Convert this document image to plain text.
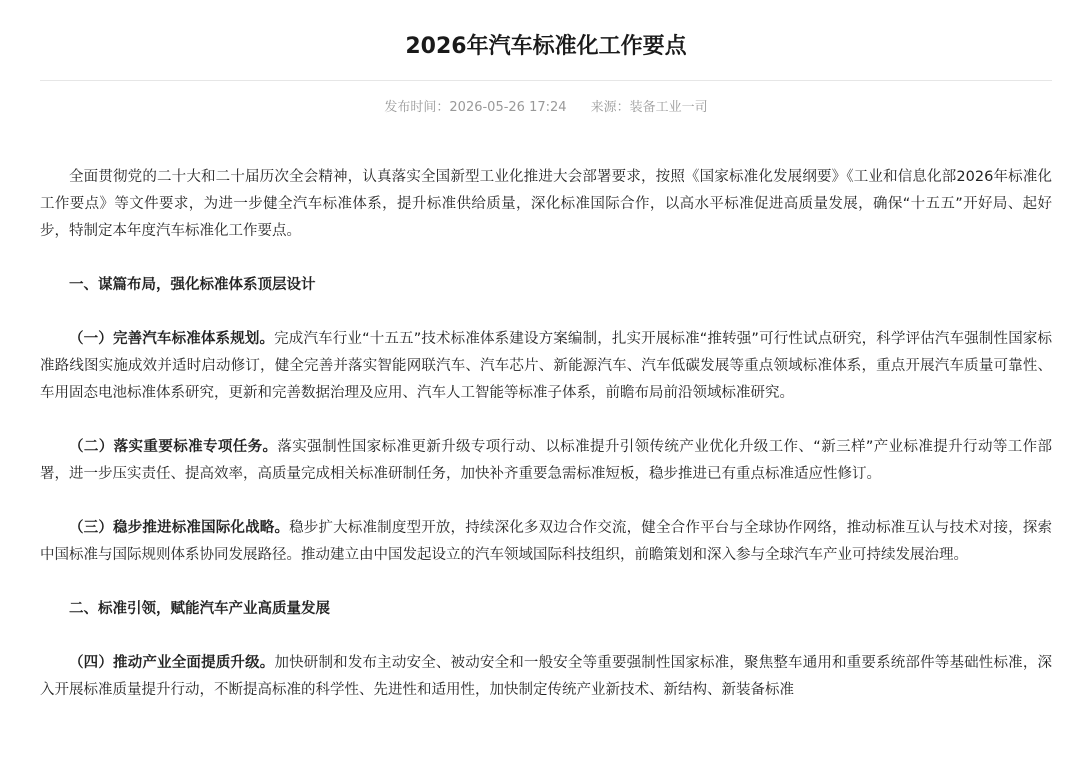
2026年汽车标准化工作要点
发布时间：2026-05-26 17:24 来源：装备工业一司

全面贯彻党的二十大和二十届历次全会精神，认真落实全国新型工业化推进大会部署要求，按照《国家标准化发展纲要》《工业和信息化部2026年标准化工作要点》等文件要求，为进一步健全汽车标准体系，提升标准供给质量，深化标准国际合作，以高水平标准促进高质量发展，确保“十五五”开好局、起好步，特制定本年度汽车标准化工作要点。

一、谋篇布局，强化标准体系顶层设计

（一）完善汽车标准体系规划。完成汽车行业“十五五”技术标准体系建设方案编制，扎实开展标准“推转强”可行性试点研究，科学评估汽车强制性国家标准路线图实施成效并适时启动修订，健全完善并落实智能网联汽车、汽车芯片、新能源汽车、汽车低碳发展等重点领域标准体系，重点开展汽车质量可靠性、车用固态电池标准体系研究，更新和完善数据治理及应用、汽车人工智能等标准子体系，前瞻布局前沿领域标准研究。

（二）落实重要标准专项任务。落实强制性国家标准更新升级专项行动、以标准提升引领传统产业优化升级工作、“新三样”产业标准提升行动等工作部署，进一步压实责任、提高效率，高质量完成相关标准研制任务，加快补齐重要急需标准短板，稳步推进已有重点标准适应性修订。

（三）稳步推进标准国际化战略。稳步扩大标准制度型开放，持续深化多双边合作交流，健全合作平台与全球协作网络，推动标准互认与技术对接，探索中国标准与国际规则体系协同发展路径。推动建立由中国发起设立的汽车领域国际科技组织，前瞻策划和深入参与全球汽车产业可持续发展治理。

二、标准引领，赋能汽车产业高质量发展

（四）推动产业全面提质升级。加快研制和发布主动安全、被动安全和一般安全等重要强制性国家标准，聚焦整车通用和重要系统部件等基础性标准，深入开展标准质量提升行动，不断提高标准的科学性、先进性和适用性，加快制定传统产业新技术、新结构、新装备标准
